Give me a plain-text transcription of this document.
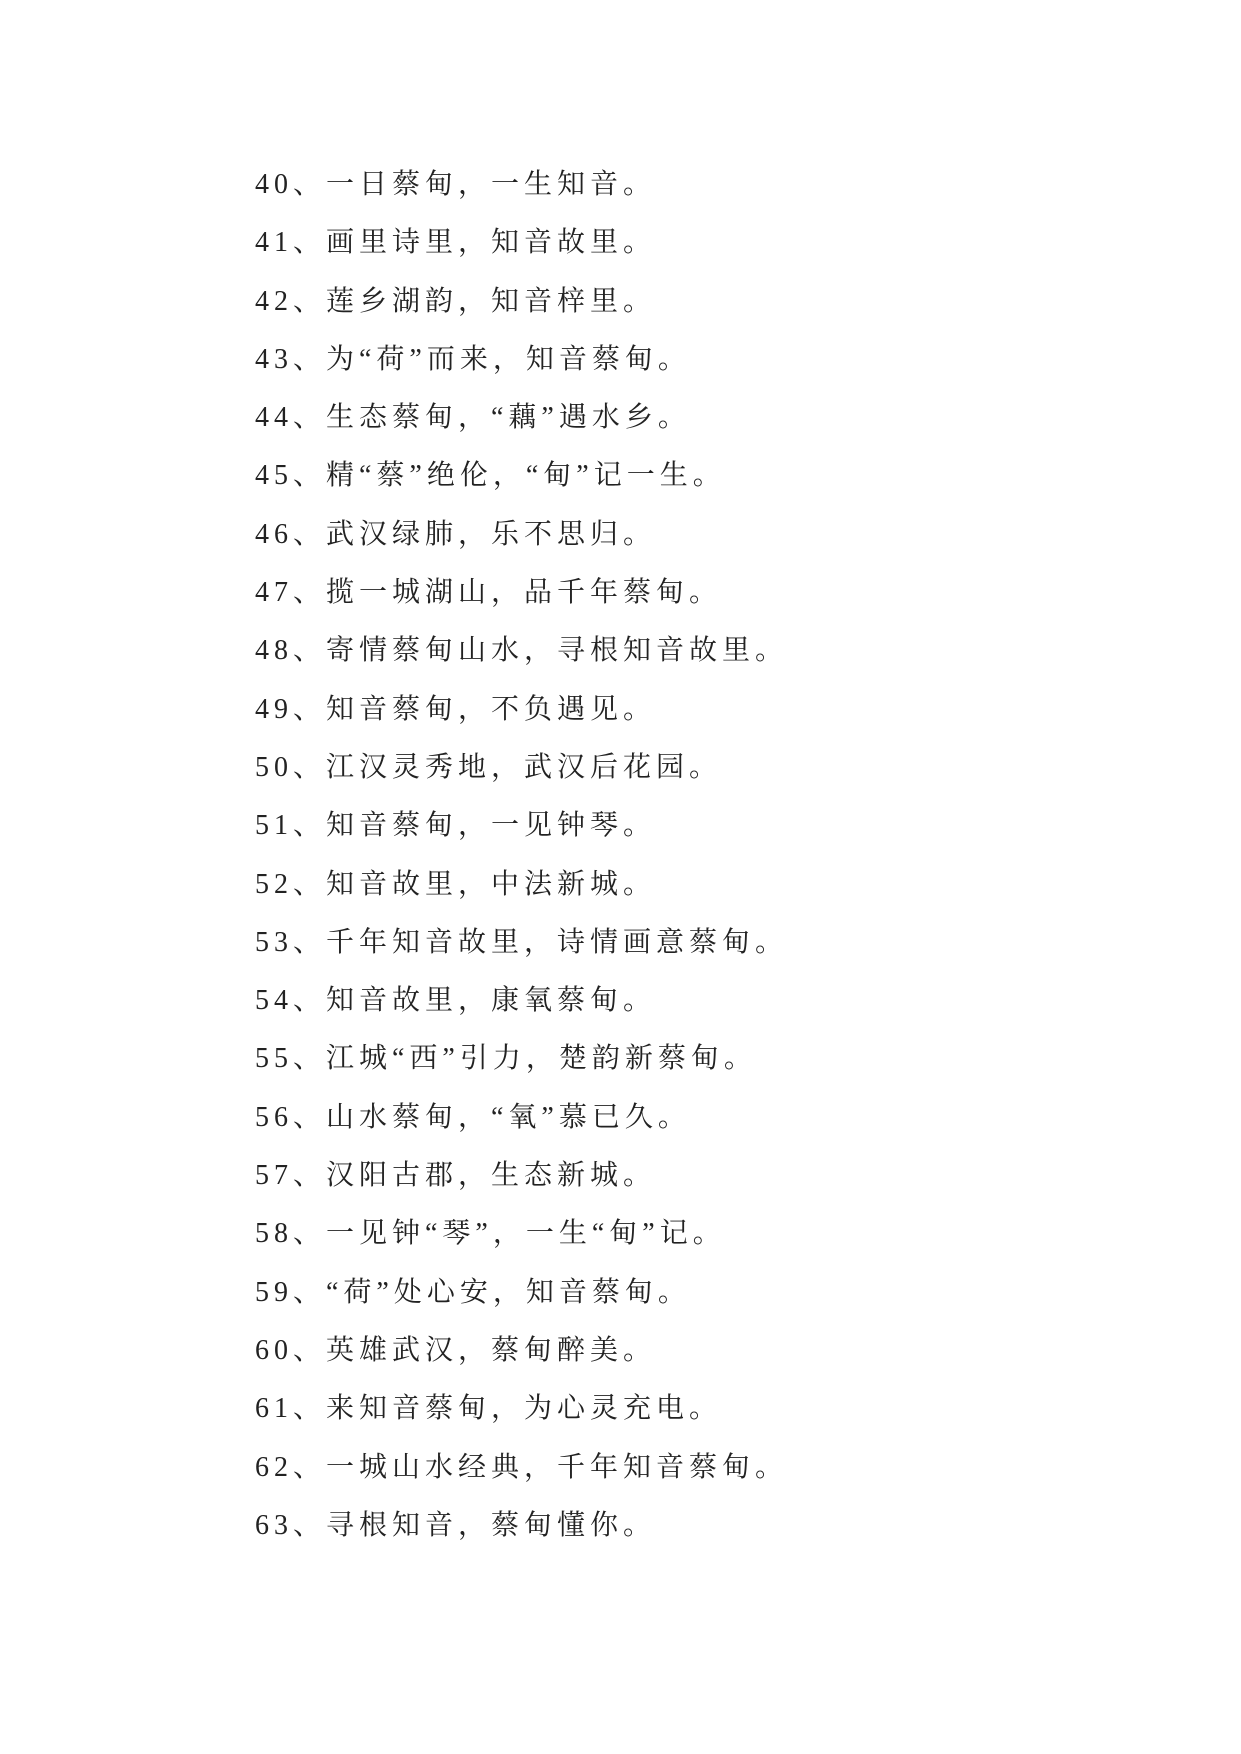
40、一日蔡甸，一生知音。
41、画里诗里，知音故里。
42、莲乡湖韵，知音梓里。
43、为“荷”而来，知音蔡甸。
44、生态蔡甸，“藕”遇水乡。
45、精“蔡”绝伦，“甸”记一生。
46、武汉绿肺，乐不思归。
47、揽一城湖山，品千年蔡甸。
48、寄情蔡甸山水，寻根知音故里。
49、知音蔡甸，不负遇见。
50、江汉灵秀地，武汉后花园。
51、知音蔡甸，一见钟琴。
52、知音故里，中法新城。
53、千年知音故里，诗情画意蔡甸。
54、知音故里，康氧蔡甸。
55、江城“西”引力，楚韵新蔡甸。
56、山水蔡甸，“氧”慕已久。
57、汉阳古郡，生态新城。
58、一见钟“琴”，一生“甸”记。
59、“荷”处心安，知音蔡甸。
60、英雄武汉，蔡甸醉美。
61、来知音蔡甸，为心灵充电。
62、一城山水经典，千年知音蔡甸。
63、寻根知音，蔡甸懂你。
